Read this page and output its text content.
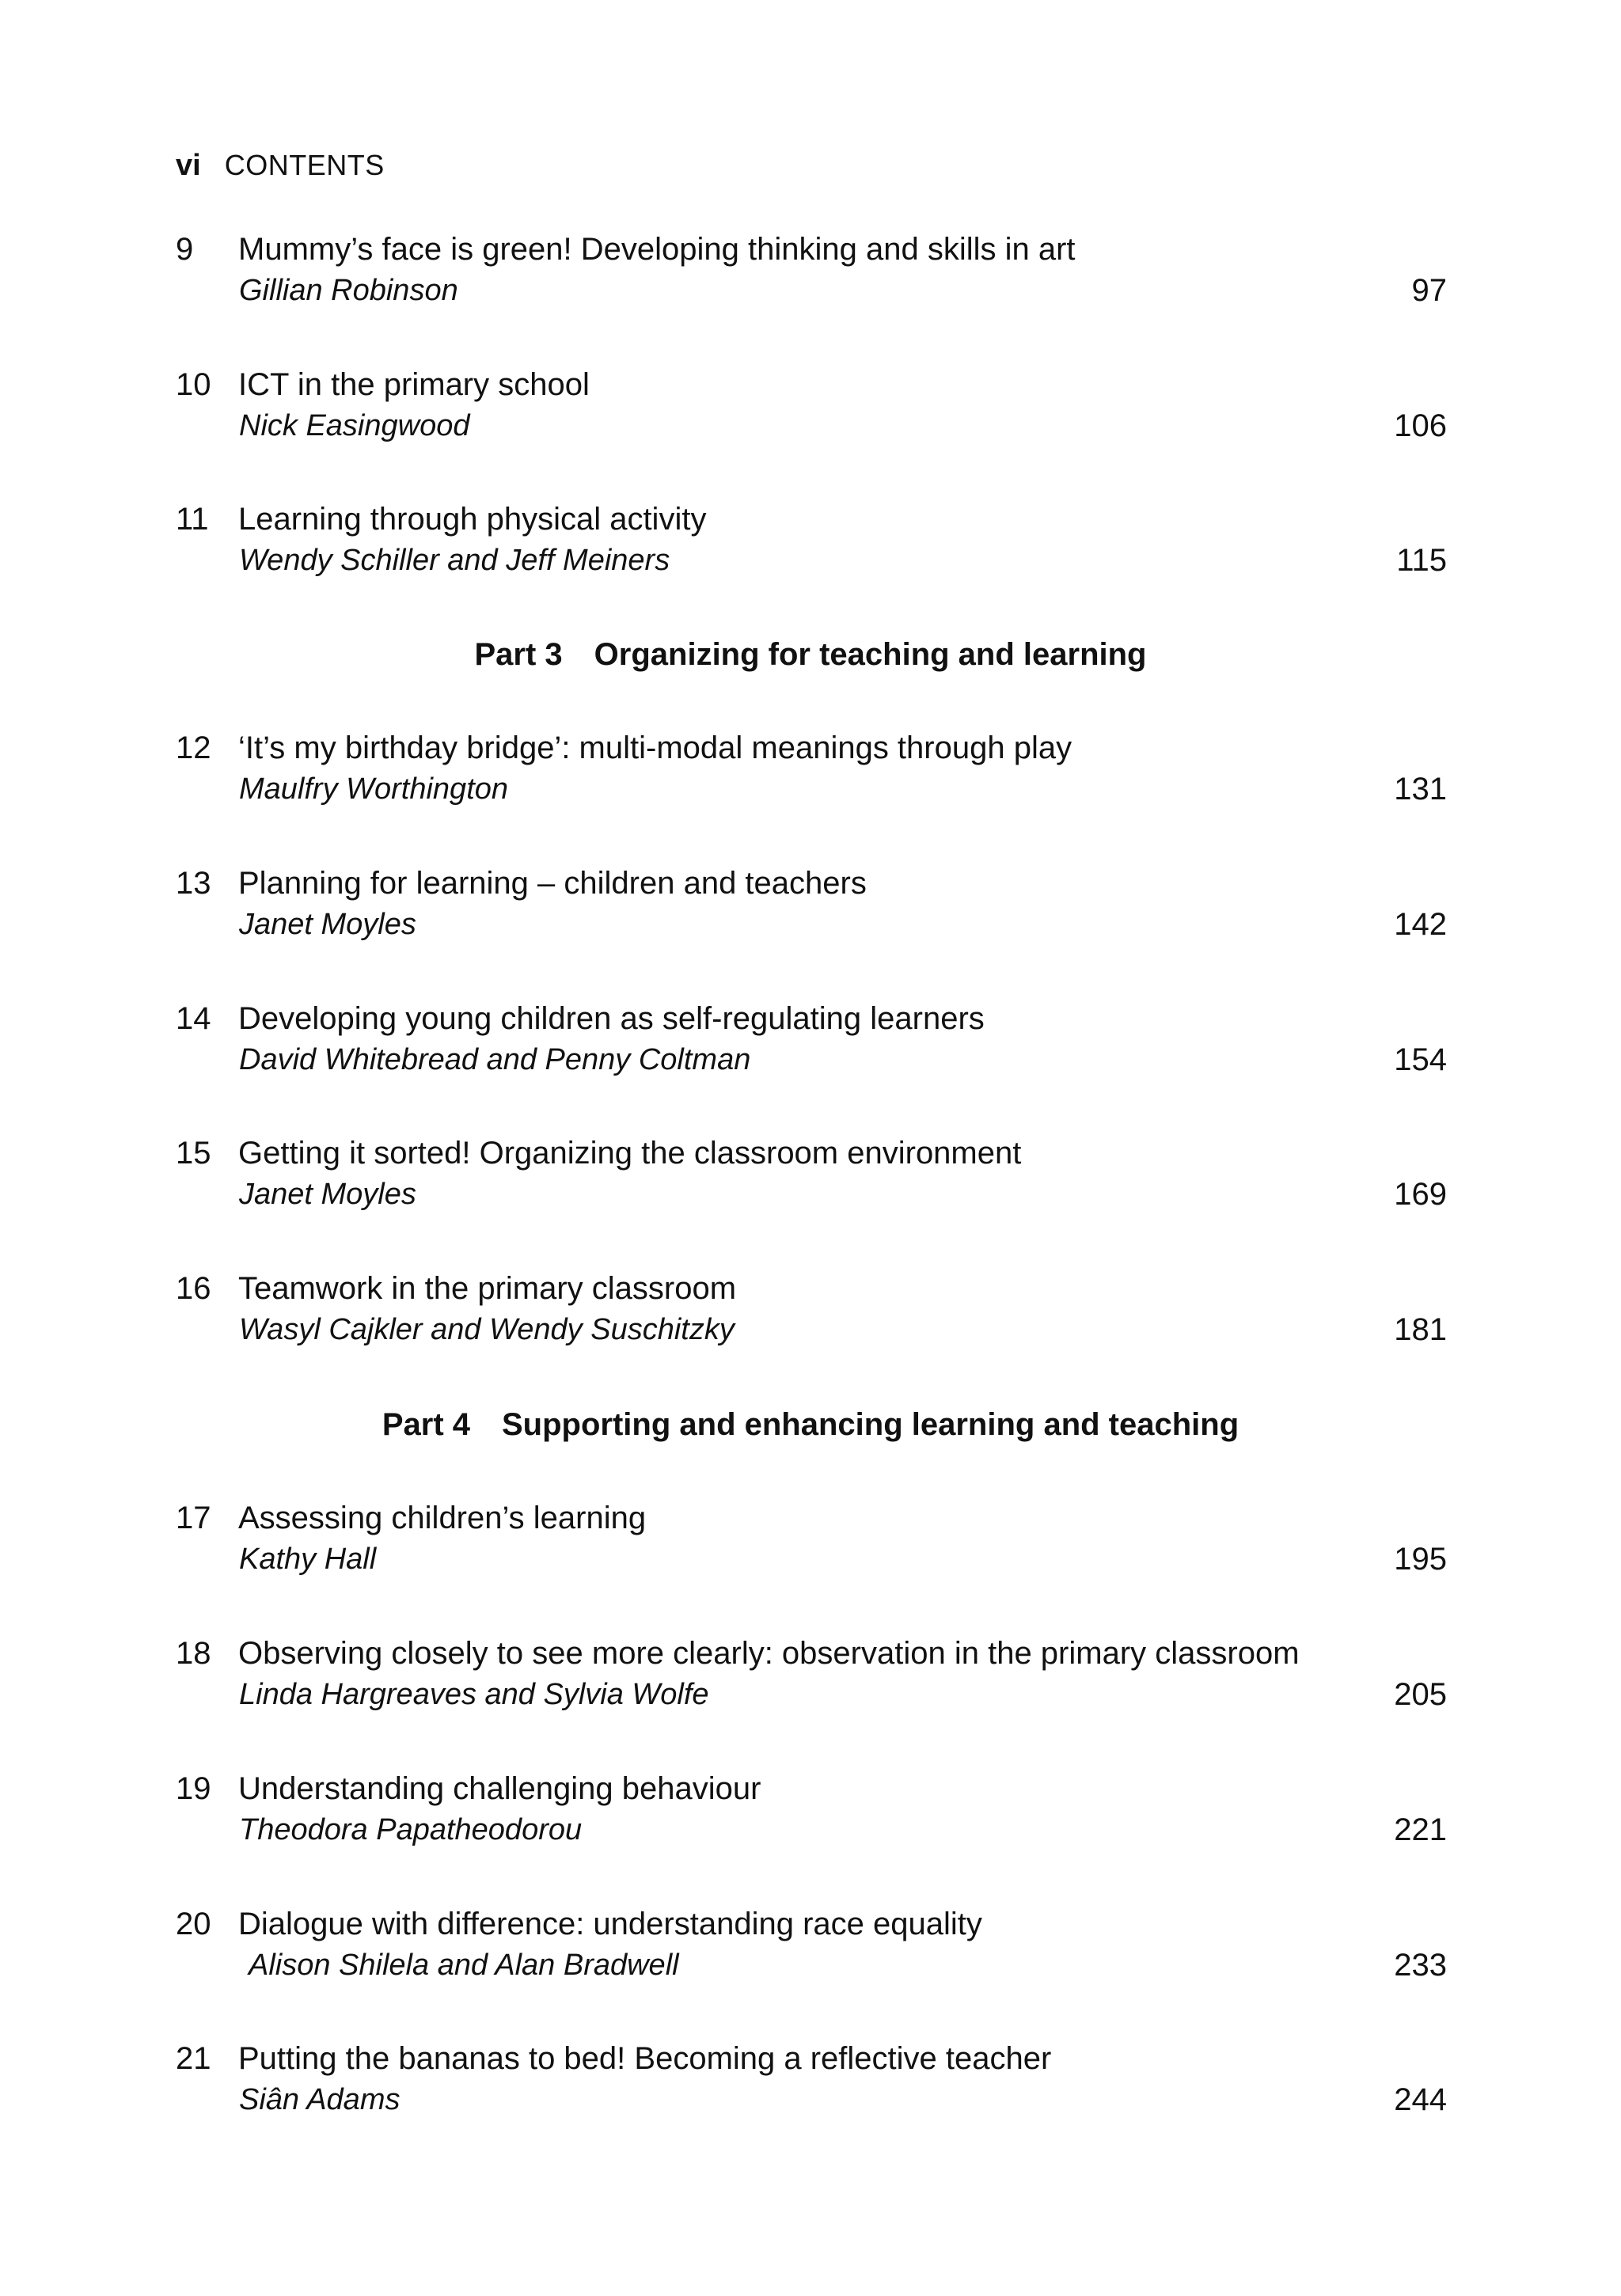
vi CONTENTS
9 Mummy’s face is green! Developing thinking and skills in art
Gillian Robinson	97
10 ICT in the primary school
Nick Easingwood	106
11 Learning through physical activity
Wendy Schiller and Jeff Meiners	115
Part 3 Organizing for teaching and learning
12 ‘It’s my birthday bridge’: multi-modal meanings through play
Maulfry Worthington	131
13 Planning for learning – children and teachers
Janet Moyles	142
14 Developing young children as self-regulating learners
David Whitebread and Penny Coltman	154
15 Getting it sorted! Organizing the classroom environment
Janet Moyles	169
16 Teamwork in the primary classroom
Wasyl Cajkler and Wendy Suschitzky	181
Part 4 Supporting and enhancing learning and teaching
17 Assessing children’s learning
Kathy Hall	195
18 Observing closely to see more clearly: observation in the primary classroom
Linda Hargreaves and Sylvia Wolfe	205
19 Understanding challenging behaviour
Theodora Papatheodorou	221
20 Dialogue with difference: understanding race equality
Alison Shilela and Alan Bradwell	233
21 Putting the bananas to bed! Becoming a reflective teacher
Siân Adams	244
